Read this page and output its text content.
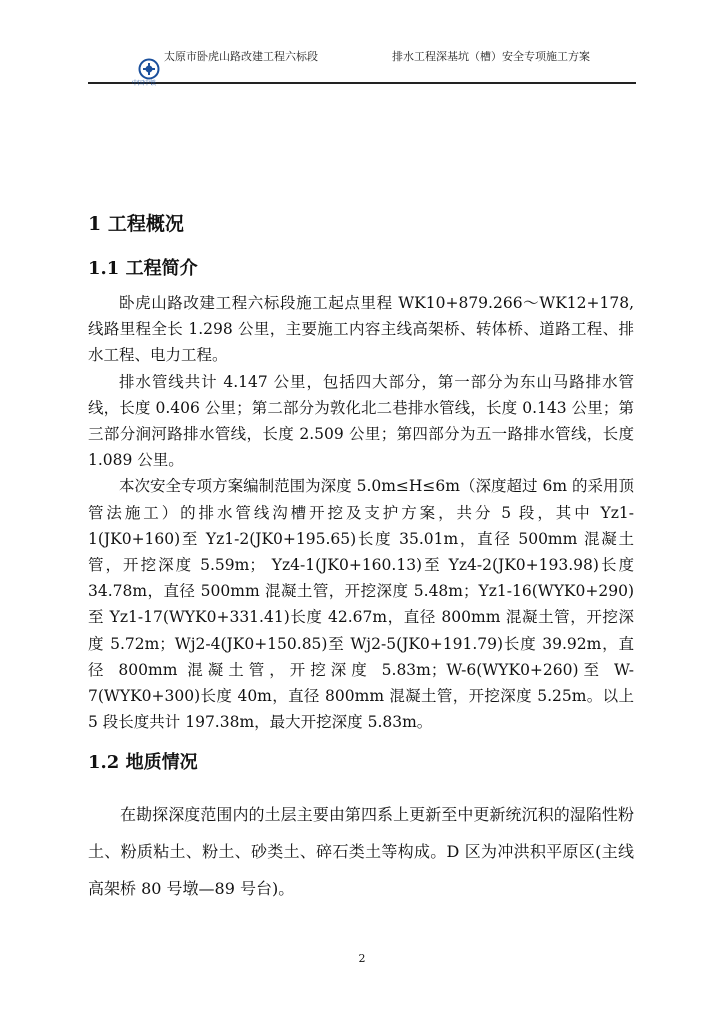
中国中铁
太原市卧虎山路改建工程六标段	排水工程深基坑（槽）安全专项施工方案
1 工程概况
1.1 工程简介

卧虎山路改建工程六标段施工起点里程 WK10+879.266～WK12+178,线路里程全长 1.298 公里，主要施工内容主线高架桥、转体桥、道路工程、排水工程、电力工程。

排水管线共计 4.147 公里，包括四大部分，第一部分为东山马路排水管线，长度 0.406 公里；第二部分为敦化北二巷排水管线，长度 0.143 公里；第三部分涧河路排水管线，长度 2.509 公里；第四部分为五一路排水管线，长度 1.089 公里。

本次安全专项方案编制范围为深度 5.0m≤H≤6m（深度超过 6m 的采用顶管法施工）的排水管线沟槽开挖及支护方案，共分 5 段，其中 Yz1-1(JK0+160)至 Yz1-2(JK0+195.65)长度 35.01m，直径 500mm 混凝土管，开挖深度 5.59m； Yz4-1(JK0+160.13)至 Yz4-2(JK0+193.98)长度 34.78m，直径 500mm 混凝土管，开挖深度 5.48m；Yz1-16(WYK0+290)至 Yz1-17(WYK0+331.41)长度 42.67m，直径 800mm 混凝土管，开挖深度 5.72m；Wj2-4(JK0+150.85)至 Wj2-5(JK0+191.79)长度 39.92m，直径 800mm 混凝土管，开挖深度 5.83m；W-6(WYK0+260)至 W-7(WYK0+300)长度 40m，直径 800mm 混凝土管，开挖深度 5.25m。以上 5 段长度共计 197.38m，最大开挖深度 5.83m。

1.2 地质情况

在勘探深度范围内的土层主要由第四系上更新至中更新统沉积的湿陷性粉土、粉质粘土、粉土、砂类土、碎石类土等构成。D 区为冲洪积平原区(主线高架桥 80 号墩—89 号台)。

2
